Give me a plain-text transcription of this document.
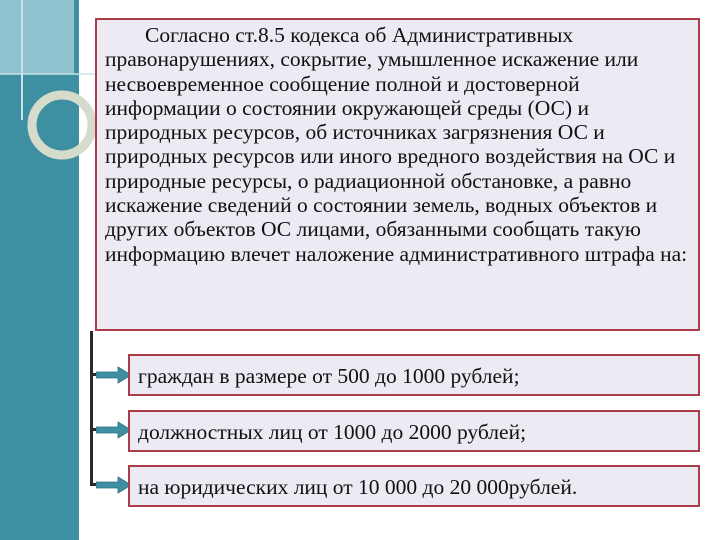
Согласно ст.8.5 кодекса об Административных правонарушениях, сокрытие, умышленное искажение или несвоевременное сообщение полной и достоверной информации о состоянии окружающей среды (ОС) и природных ресурсов, об источниках загрязнения ОС и природных ресурсов или иного вредного воздействия на ОС и природные ресурсы, о радиационной обстановке, а равно искажение сведений о состоянии земель, водных объектов и других объектов ОС лицами, обязанными сообщать такую информацию влечет наложение административного штрафа на:

граждан в размере от 500 до 1000 рублей;
должностных лиц от 1000 до 2000 рублей;
на юридических лиц от 10 000 до 20 000рублей.
